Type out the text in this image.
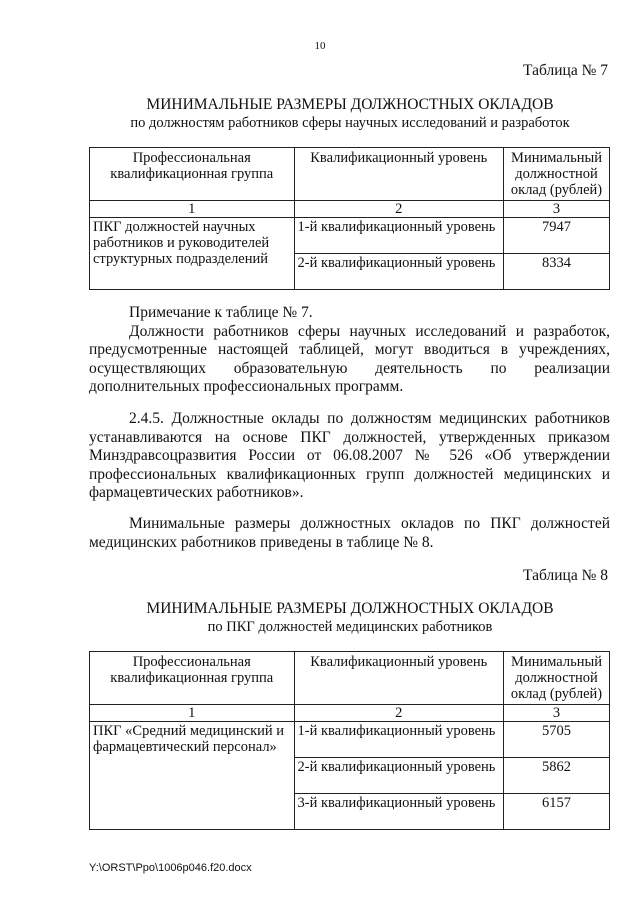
10
Таблица № 7
МИНИМАЛЬНЫЕ РАЗМЕРЫ ДОЛЖНОСТНЫХ ОКЛАДОВ
по должностям работников сферы научных исследований и разработок
Профессиональная квалификационная группа	Квалификационный уровень	Минимальный должностной оклад (рублей)
1	2	3
ПКГ должностей научных работников и руководителей структурных подразделений	1-й квалификационный уровень	7947
	2-й квалификационный уровень	8334

Примечание к таблице № 7.

Должности работников сферы научных исследований и разработок, предусмотренные настоящей таблицей, могут вводиться в учреждениях, осуществляющих образовательную деятельность по реализации дополнительных профессиональных программ.

2.4.5. Должностные оклады по должностям медицинских работников устанавливаются на основе ПКГ должностей, утвержденных приказом Минздравсоцразвития России от 06.08.2007 № 526 «Об утверждении профессиональных квалификационных групп должностей медицинских и фармацевтических работников».

Минимальные размеры должностных окладов по ПКГ должностей медицинских работников приведены в таблице № 8.

Таблица № 8
МИНИМАЛЬНЫЕ РАЗМЕРЫ ДОЛЖНОСТНЫХ ОКЛАДОВ
по ПКГ должностей медицинских работников
Профессиональная квалификационная группа	Квалификационный уровень	Минимальный должностной оклад (рублей)
1	2	3
ПКГ «Средний медицинский и фармацевтический персонал»	1-й квалификационный уровень	5705
	2-й квалификационный уровень	5862
	3-й квалификационный уровень	6157
Y:\ORST\Ppo\1006p046.f20.docx
